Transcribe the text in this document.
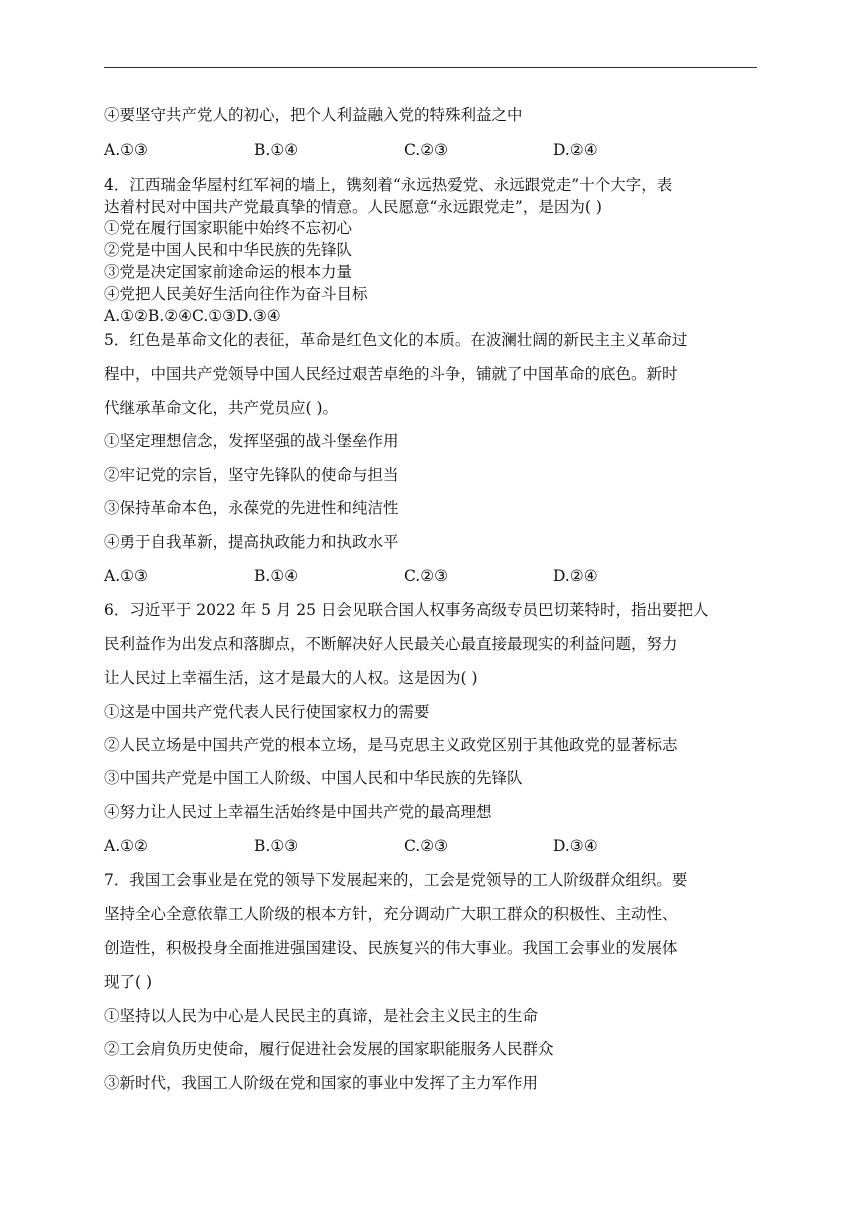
④要坚守共产党人的初心，把个人利益融入党的特殊利益之中
A.①③	B.①④	C.②③	D.②④
4．江西瑞金华屋村红军祠的墙上，镌刻着“永远热爱党、永远跟党走”十个大字，表
达着村民对中国共产党最真挚的情意。人民愿意“永远跟党走”，是因为( )
①党在履行国家职能中始终不忘初心
②党是中国人民和中华民族的先锋队
③党是决定国家前途命运的根本力量
④党把人民美好生活向往作为奋斗目标
A.①②B.②④C.①③D.③④
5．红色是革命文化的表征，革命是红色文化的本质。在波澜壮阔的新民主主义革命过
程中，中国共产党领导中国人民经过艰苦卓绝的斗争，铺就了中国革命的底色。新时
代继承革命文化，共产党员应( )。
①坚定理想信念，发挥坚强的战斗堡垒作用
②牢记党的宗旨，坚守先锋队的使命与担当
③保持革命本色，永葆党的先进性和纯洁性
④勇于自我革新，提高执政能力和执政水平
A.①③	B.①④	C.②③	D.②④
6．习近平于 2022 年 5 月 25 日会见联合国人权事务高级专员巴切莱特时，指出要把人
民利益作为出发点和落脚点，不断解决好人民最关心最直接最现实的利益问题，努力
让人民过上幸福生活，这才是最大的人权。这是因为( )
①这是中国共产党代表人民行使国家权力的需要
②人民立场是中国共产党的根本立场，是马克思主义政党区别于其他政党的显著标志
③中国共产党是中国工人阶级、中国人民和中华民族的先锋队
④努力让人民过上幸福生活始终是中国共产党的最高理想
A.①②	B.①③	C.②③	D.③④
7．我国工会事业是在党的领导下发展起来的，工会是党领导的工人阶级群众组织。要
坚持全心全意依靠工人阶级的根本方针，充分调动广大职工群众的积极性、主动性、
创造性，积极投身全面推进强国建设、民族复兴的伟大事业。我国工会事业的发展体
现了( )
①坚持以人民为中心是人民民主的真谛，是社会主义民主的生命
②工会肩负历史使命，履行促进社会发展的国家职能服务人民群众
③新时代，我国工人阶级在党和国家的事业中发挥了主力军作用
